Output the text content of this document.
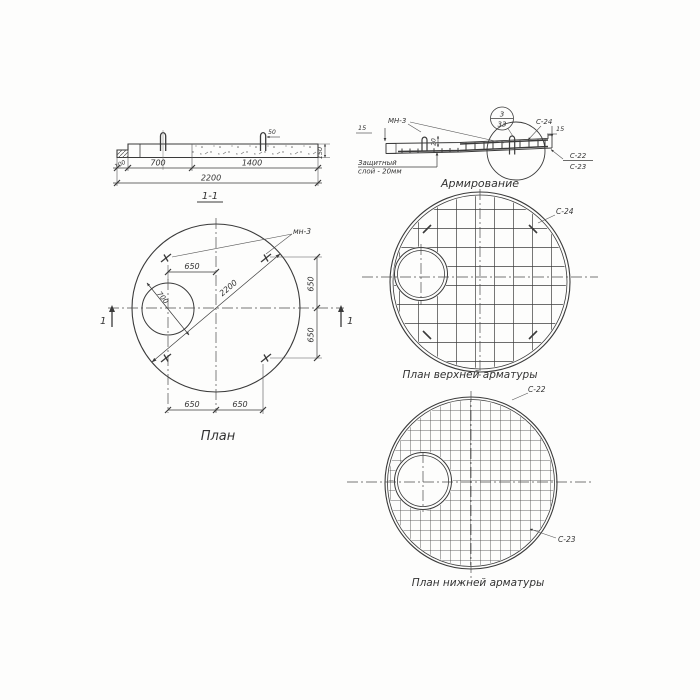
50
150
100	700	1400
2200
1-1
3
33
МН-3
15	15
20
С-24
С-22
С-23
Защитный
слой - 20мм
Армирование
2200
700
мн-3
650
650
650
650	650
1	1
План
С-24
План верхней арматуры
С-22
С-23
План нижней арматуры
